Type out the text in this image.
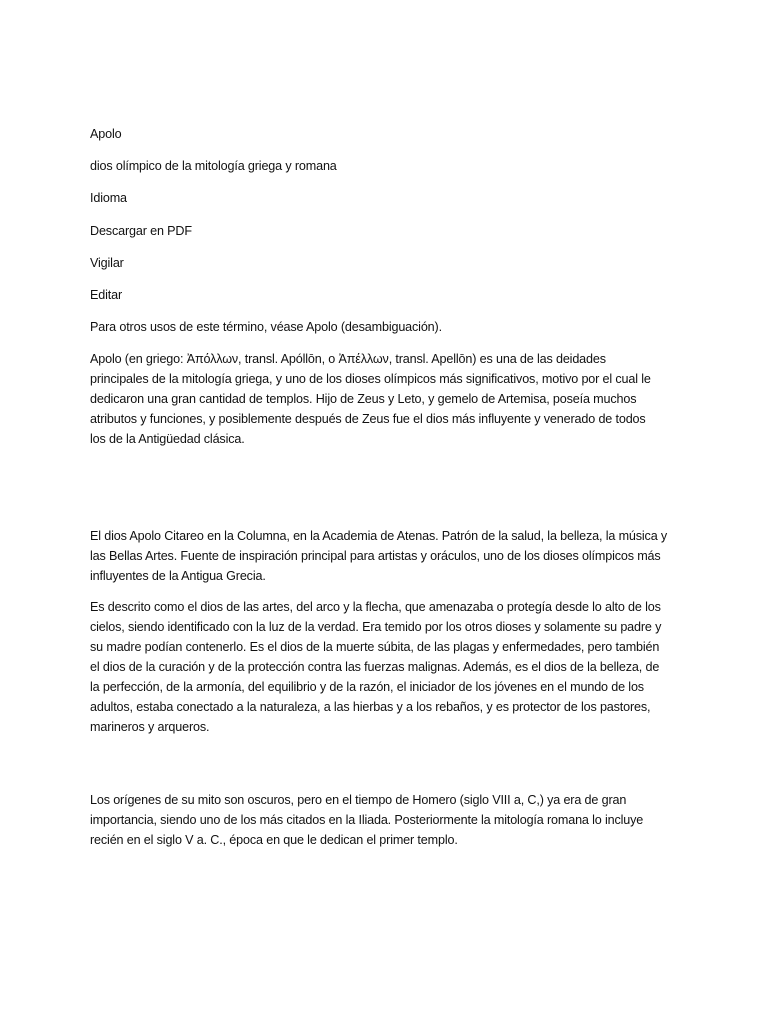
Apolo

dios olímpico de la mitología griega y romana

Idioma

Descargar en PDF

Vigilar

Editar

Para otros usos de este término, véase Apolo (desambiguación).

Apolo (en griego: Ἀπόλλων, transl. Apóllōn, o Ἀπέλλων, transl. Apellōn) es una de las deidades
principales de la mitología griega, y uno de los dioses olímpicos más significativos, motivo por el cual le
dedicaron una gran cantidad de templos. Hijo de Zeus y Leto, y gemelo de Artemisa, poseía muchos
atributos y funciones, y posiblemente después de Zeus fue el dios más influyente y venerado de todos
los de la Antigüedad clásica.

El dios Apolo Citareo en la Columna, en la Academia de Atenas. Patrón de la salud, la belleza, la música y
las Bellas Artes. Fuente de inspiración principal para artistas y oráculos, uno de los dioses olímpicos más
influyentes de la Antigua Grecia.

Es descrito como el dios de las artes, del arco y la flecha, que amenazaba o protegía desde lo alto de los
cielos, siendo identificado con la luz de la verdad. Era temido por los otros dioses y solamente su padre y
su madre podían contenerlo. Es el dios de la muerte súbita, de las plagas y enfermedades, pero también
el dios de la curación y de la protección contra las fuerzas malignas. Además, es el dios de la belleza, de
la perfección, de la armonía, del equilibrio y de la razón, el iniciador de los jóvenes en el mundo de los
adultos, estaba conectado a la naturaleza, a las hierbas y a los rebaños, y es protector de los pastores,
marineros y arqueros.

Los orígenes de su mito son oscuros, pero en el tiempo de Homero (siglo VIII a, C,) ya era de gran
importancia, siendo uno de los más citados en la Iliada. Posteriormente la mitología romana lo incluye
recién en el siglo V a. C., época en que le dedican el primer templo.
